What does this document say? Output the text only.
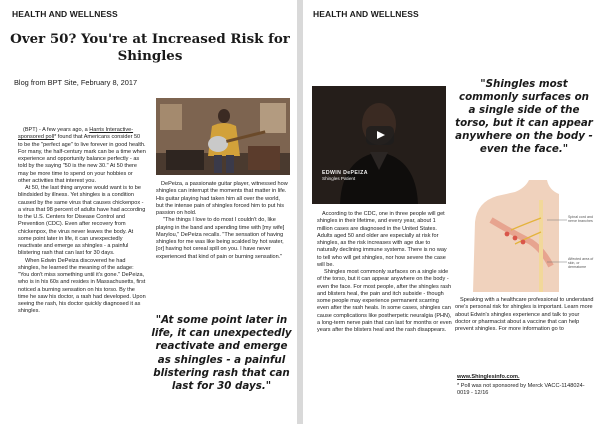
HEALTH AND WELLNESS
Over 50? You're at Increased Risk for Shingles
Blog from BPT Site, February 8, 2017

(BPT) - A few years ago, a Harris Interactive-sponsored poll* found that Americans consider 50 to be the "perfect age" to live forever in good health. For many, the half-century mark can be a time when experience and opportunity balance perfectly - as told by the saying "50 is the new 30." At 50 there may be more time to spend on your hobbies or other activities that interest you.

At 50, the last thing anyone would want is to be blindsided by illness. Yet shingles is a condition caused by the same virus that causes chickenpox - a virus that 98 percent of adults have had according to the U.S. Centers for Disease Control and Prevention (CDC). Even after recovery from chickenpox, the virus never leaves the body. At some point later in life, it can unexpectedly reactivate and emerge as shingles - a painful blistering rash that can last for 30 days.

When Edwin DePeiza discovered he had shingles, he learned the meaning of the adage: "You don't miss something until it's gone." DePeiza, who is in his 60s and resides in Massachusetts, first noticed a burning sensation on his torso. By the time he saw his doctor, a rash had developed. Upon seeing the rash, his doctor quickly diagnosed it as shingles.

DePeiza, a passionate guitar player, witnessed how shingles can interrupt the moments that matter in life. His guitar playing had taken him all over the world, but the intense pain of shingles forced him to put his passion on hold.

"The things I love to do most I couldn't do, like playing in the band and spending time with [my wife] Marylou," DePeiza recalls. "The sensation of having shingles for me was like being scalded by hot water, [or] having hot cereal spill on you. I have never experienced that kind of pain or burning sensation."

"At some point later in life, it can unexpectedly reactivate and emerge as shingles - a painful blistering rash that can last for 30 days."
HEALTH AND WELLNESS
EDWIN DePEIZA
Shingles Patient
"Shingles most commonly surfaces on a single side of the torso, but it can appear anywhere on the body - even the face."
Spinal cord and nerve branches
Affected area of skin, or dermatome

According to the CDC, one in three people will get shingles in their lifetime, and every year, about 1 million cases are diagnosed in the United States. Adults aged 50 and older are especially at risk for shingles, as the risk increases with age due to naturally declining immune systems. There is no way to tell who will get shingles, nor how severe the case will be.

Shingles most commonly surfaces on a single side of the torso, but it can appear anywhere on the body - even the face. For most people, after the shingles rash and blisters heal, the pain and itch subside - though some people may experience permanent scarring even after the rash heals. In some cases, shingles can cause complications like postherpetic neuralgia (PHN), a long-term nerve pain that can last for months or even years after the blisters heal and the rash disappears.

Speaking with a healthcare professional to understand one's personal risk for shingles is important. Learn more about Edwin's shingles experience and talk to your doctor or pharmacist about a vaccine that can help prevent shingles. For more information go to

www.Shinglesinfo.com.
* Poll was not sponsored by Merck VACC-1148024-0019 - 12/16
